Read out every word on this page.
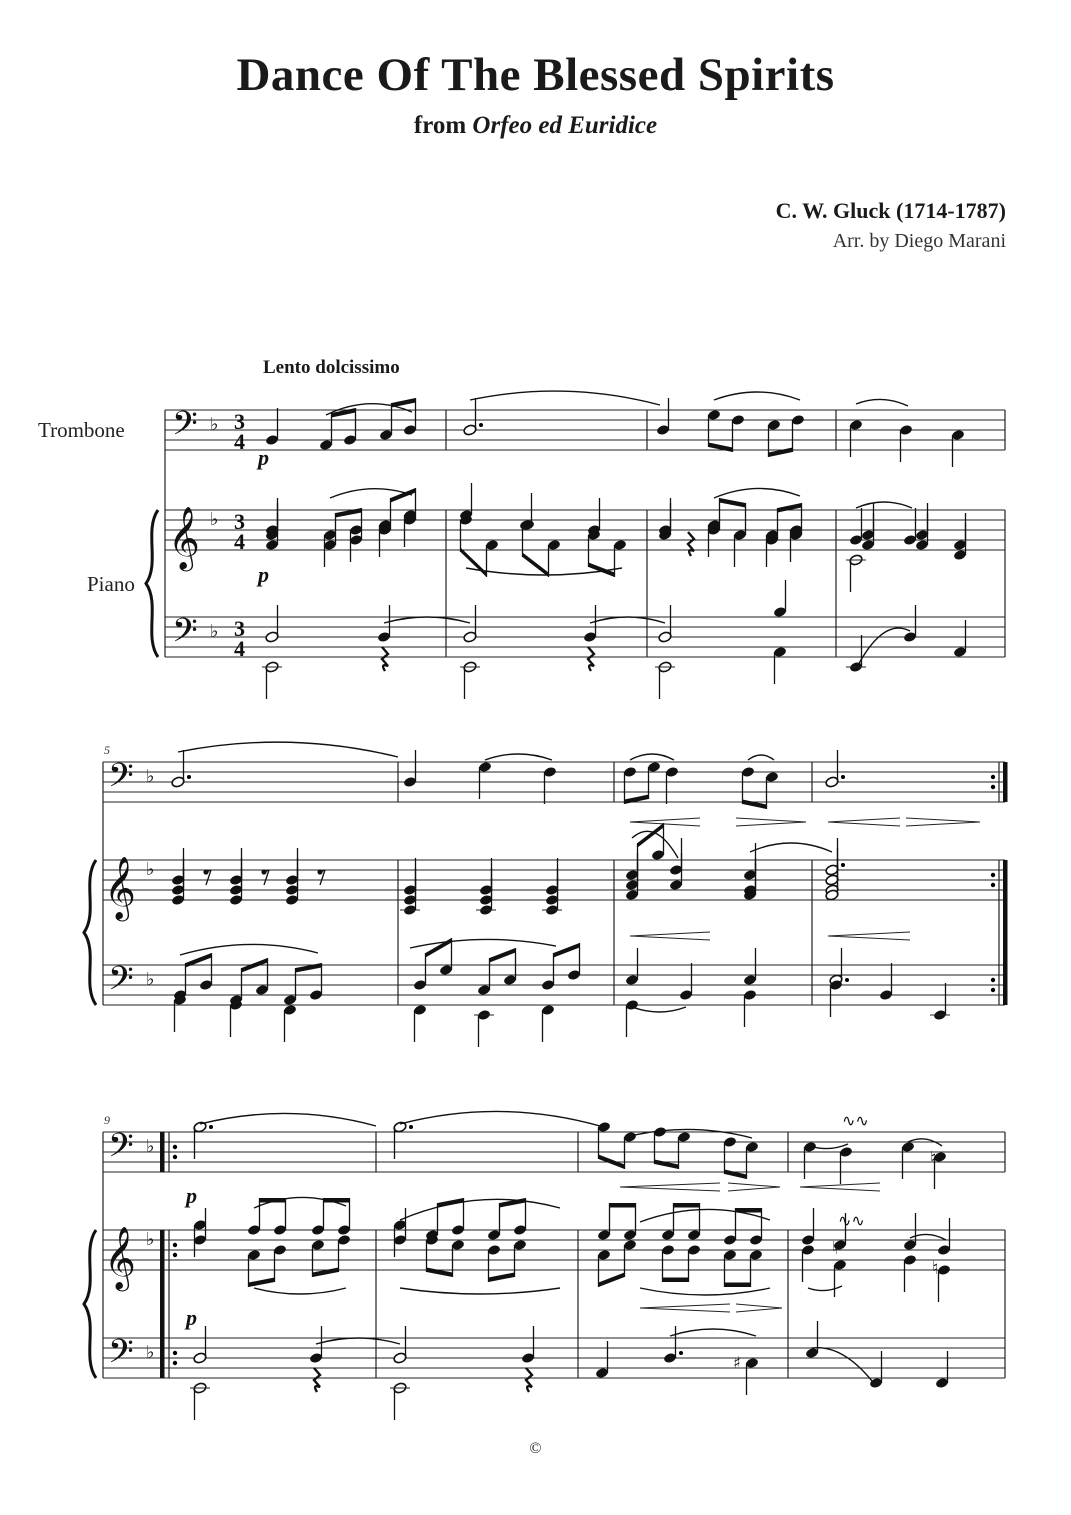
Dance Of The Blessed Spirits
from Orfeo ed Euridice
C. W. Gluck (1714-1787)
Arr. by Diego Marani
Lento dolcissimo
Trombone
Piano
©
𝄢
𝄞
𝄢
♭
♭
♭
3
4
3
4
3
4
p
p
𝄢
𝄞
𝄢
♭
♭
♭
5
𝄢
𝄞
𝄢
♭
♭
♭
9	∿∿
♮
p
♮
∿∿
♮
p
♯
